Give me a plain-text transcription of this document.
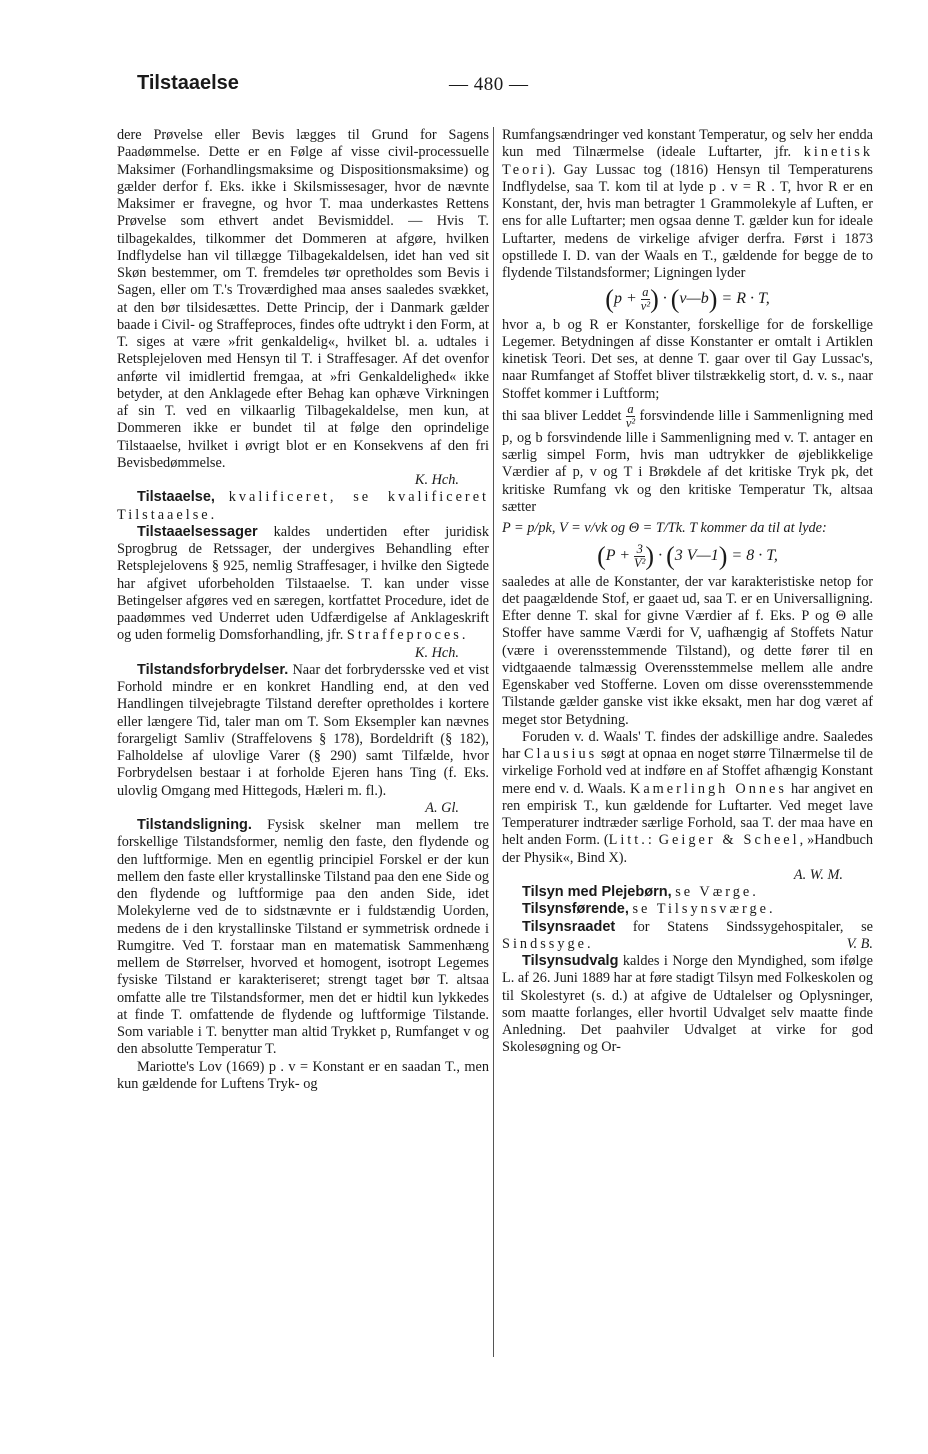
Tilstaaelse	— 480 —

dere Prøvelse eller Bevis lægges til Grund for Sagens Paadømmelse. Dette er en Følge af visse civil-processuelle Maksimer (Forhandlingsmaksime og Dispositionsmaksime) og gælder derfor f. Eks. ikke i Skilsmissesager, hvor de nævnte Maksimer er fravegne, og hvor T. maa underkastes Rettens Prøvelse som ethvert andet Bevismiddel. — Hvis T. tilbagekaldes, tilkommer det Dommeren at afgøre, hvilken Indflydelse han vil tillægge Tilbagekaldelsen, idet han ved sit Skøn bestemmer, om T. fremdeles tør opretholdes som Bevis i Sagen, eller om T.'s Troværdighed maa anses saaledes svækket, at den bør tilsidesættes. Dette Princip, der i Danmark gælder baade i Civil- og Straffeproces, findes ofte udtrykt i den Form, at T. siges at være »frit genkaldelig«, hvilket bl. a. udtales i Retsplejeloven med Hensyn til T. i Straffesager. Af det ovenfor anførte vil imidlertid fremgaa, at »fri Genkaldelighed« ikke betyder, at den Anklagede efter Behag kan ophæve Virkningen af sin T. ved en vilkaarlig Tilbagekaldelse, men kun, at Dommeren ikke er bundet til at følge den oprindelige Tilstaaelse, hvilket i øvrigt blot er en Konsekvens af den fri Bevisbedømmelse.

K. Hch.

Tilstaaelse, kvalificeret, se kvalificeret Tilstaaelse.

Tilstaaelsessager kaldes undertiden efter juridisk Sprogbrug de Retssager, der undergives Behandling efter Retsplejelovens § 925, nemlig Straffesager, i hvilke den Sigtede har afgivet uforbeholden Tilstaaelse. T. kan under visse Betingelser afgøres ved en særegen, kortfattet Procedure, idet de paadømmes ved Underret uden Udfærdigelse af Anklageskrift og uden formelig Domsforhandling, jfr. Straffeproces.

K. Hch.

Tilstandsforbrydelser. Naar det forbrydersske ved et vist Forhold mindre er en konkret Handling end, at den ved Handlingen tilvejebragte Tilstand derefter opretholdes i kortere eller længere Tid, taler man om T. Som Eksempler kan nævnes forargeligt Samliv (Straffelovens § 178), Bordeldrift (§ 182), Falholdelse af ulovlige Varer (§ 290) samt Tilfælde, hvor Forbrydelsen bestaar i at forholde Ejeren hans Ting (f. Eks. ulovlig Omgang med Hittegods, Hæleri m. fl.).

A. Gl.

Tilstandsligning. Fysisk skelner man mellem tre forskellige Tilstandsformer, nemlig den faste, den flydende og den luftformige. Men en egentlig principiel Forskel er der kun mellem den faste eller krystallinske Tilstand paa den ene Side og den flydende og luftformige paa den anden Side, idet Molekylerne ved de to sidstnævnte er i fuldstændig Uorden, medens de i den krystallinske Tilstand er symmetrisk ordnede i Rumgitre. Ved T. forstaar man en matematisk Sammenhæng mellem de Størrelser, hvorved et homogent, isotropt Legemes fysiske Tilstand er karakteriseret; strengt taget bør T. altsaa omfatte alle tre Tilstandsformer, men det er hidtil kun lykkedes at finde T. omfattende de flydende og luftformige Tilstande. Som variable i T. benytter man altid Trykket p, Rumfanget v og den absolutte Temperatur T.

Mariotte's Lov (1669) p . v = Konstant er en saadan T., men kun gældende for Luftens Tryk- og

Rumfangsændringer ved konstant Temperatur, og selv her endda kun med Tilnærmelse (ideale Luftarter, jfr. kinetisk Teori). Gay Lussac tog (1816) Hensyn til Temperaturens Indflydelse, saa T. kom til at lyde p . v = R . T, hvor R er en Konstant, der, hvis man betragter 1 Grammolekyle af Luften, er ens for alle Luftarter; men ogsaa denne T. gælder kun for ideale Luftarter, medens de virkelige afviger derfra. Først i 1873 opstillede I. D. van der Waals en T., gældende for begge de to flydende Tilstandsformer; Ligningen lyder

($p + \frac{a}{\text{v²}}$ ) · (v—b) = R · T,

hvor a, b og R er Konstanter, forskellige for de forskellige Legemer. Betydningen af disse Konstanter er omtalt i Artiklen kinetisk Teori. Det ses, at denne T. gaar over til Gay Lussac's, naar Rumfanget af Stoffet bliver tilstrækkelig stort, d. v. s., naar Stoffet kommer i Luftform;

thi saa bliver Leddet $\frac{a}{\text{v²}}$ forsvindende lille i Sammenligning med p, og b forsvindende lille i Sammenligning med v. T. antager en særlig simpel Form, hvis man udtrykker de øjeblikkelige Værdier af p, v og T i Brøkdele af det kritiske Tryk pk, det kritiske Rumfang vk og den kritiske Temperatur Tk, altsaa sætter

P = p/pk, V = v/vk og Θ = T/Tk. T kommer da til at lyde:

($P + \frac{3}{\text{V²}}$ ) · (3 V—1) = 8 · T,

saaledes at alle de Konstanter, der var karakteristiske netop for det paagældende Stof, er gaaet ud, saa T. er en Universalligning. Efter denne T. skal for givne Værdier af f. Eks. P og Θ alle Stoffer have samme Værdi for V, uafhængig af Stoffets Natur (være i overensstemmende Tilstand), og dette fører til en vidtgaaende talmæssig Overensstemmelse mellem alle andre Egenskaber ved Stofferne. Loven om disse overensstemmende Tilstande gælder ganske vist ikke eksakt, men har dog været af meget stor Betydning.

Foruden v. d. Waals' T. findes der adskillige andre. Saaledes har Clausius søgt at opnaa en noget større Tilnærmelse til de virkelige Forhold ved at indføre en af Stoffet afhængig Konstant mere end v. d. Waals. Kamerlingh Onnes har angivet en ren empirisk T., kun gældende for Luftarter. Ved meget lave Temperaturer indtræder særlige Forhold, saa T. der maa have en helt anden Form. (Litt.: Geiger & Scheel, »Handbuch der Physik«, Bind X).

A. W. M.

Tilsyn med Plejebørn, se Værge.

Tilsynsførende, se Tilsynsværge.

Tilsynsraadet for Statens Sindssygehospitaler, se Sindssyge.	V. B.

Tilsynsudvalg kaldes i Norge den Myndighed, som ifølge L. af 26. Juni 1889 har at føre stadigt Tilsyn med Folkeskolen og til Skolestyret (s. d.) at afgive de Udtalelser og Oplysninger, som maatte forlanges, eller hvortil Udvalget selv maatte finde Anledning. Det paahviler Udvalget at virke for god Skolesøgning og Or-
